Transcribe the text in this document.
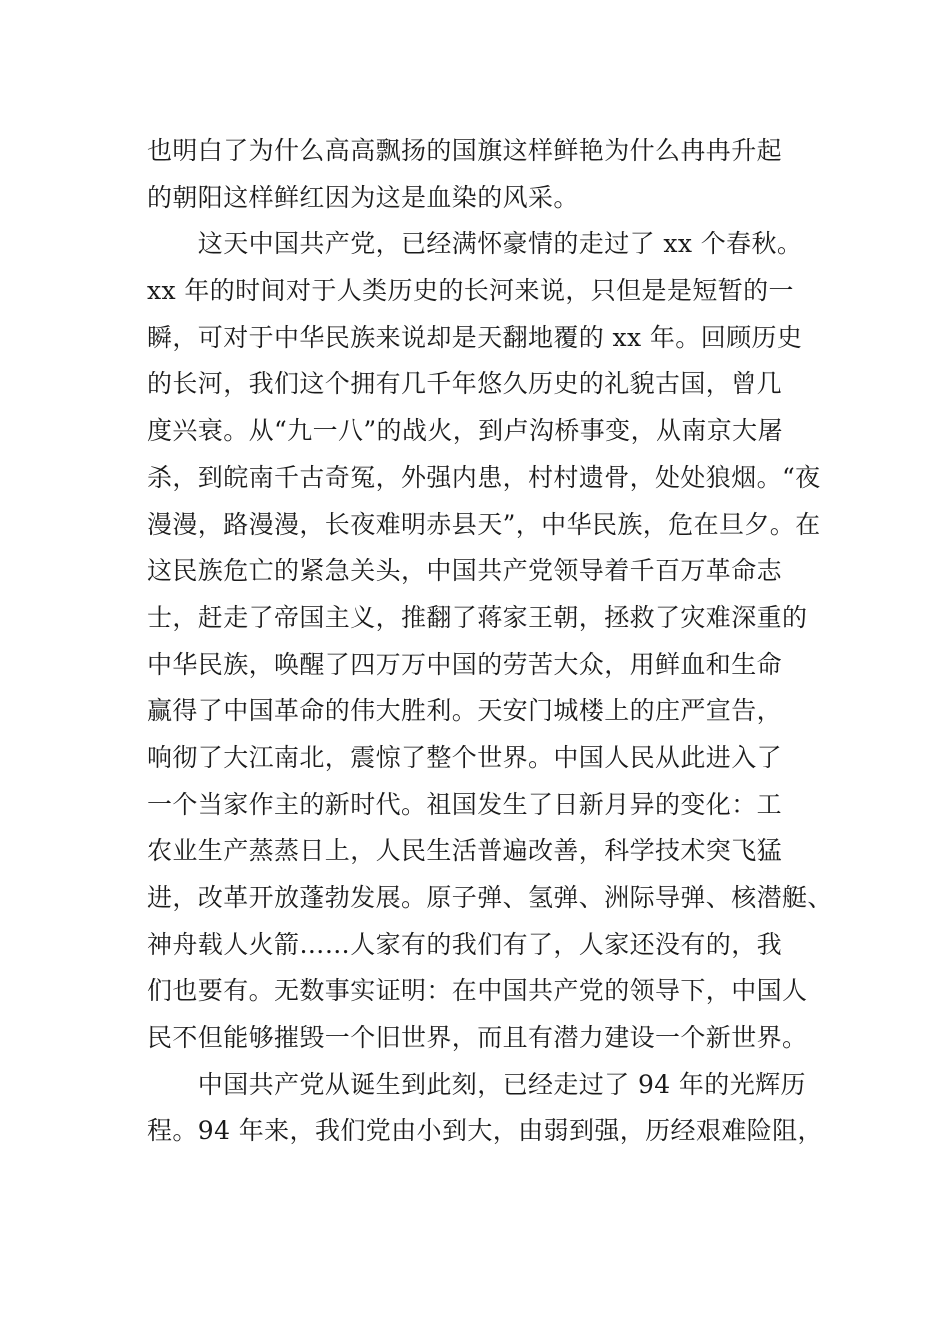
也明白了为什么高高飘扬的国旗这样鲜艳为什么冉冉升起
的朝阳这样鲜红因为这是血染的风采。
　　这天中国共产党，已经满怀豪情的走过了 xx 个春秋。
xx 年的时间对于人类历史的长河来说，只但是是短暂的一
瞬，可对于中华民族来说却是天翻地覆的 xx 年。回顾历史
的长河，我们这个拥有几千年悠久历史的礼貌古国，曾几
度兴衰。从“九一八”的战火，到卢沟桥事变，从南京大屠
杀，到皖南千古奇冤，外强内患，村村遗骨，处处狼烟。“夜
漫漫，路漫漫，长夜难明赤县天”，中华民族，危在旦夕。在
这民族危亡的紧急关头，中国共产党领导着千百万革命志
士，赶走了帝国主义，推翻了蒋家王朝，拯救了灾难深重的
中华民族，唤醒了四万万中国的劳苦大众，用鲜血和生命
赢得了中国革命的伟大胜利。天安门城楼上的庄严宣告，
响彻了大江南北，震惊了整个世界。中国人民从此进入了
一个当家作主的新时代。祖国发生了日新月异的变化：工
农业生产蒸蒸日上，人民生活普遍改善，科学技术突飞猛
进，改革开放蓬勃发展。原子弹、氢弹、洲际导弹、核潜艇、
神舟载人火箭……人家有的我们有了，人家还没有的，我
们也要有。无数事实证明：在中国共产党的领导下，中国人
民不但能够摧毁一个旧世界，而且有潜力建设一个新世界。
　　中国共产党从诞生到此刻，已经走过了 94 年的光辉历
程。94 年来，我们党由小到大，由弱到强，历经艰难险阻，
